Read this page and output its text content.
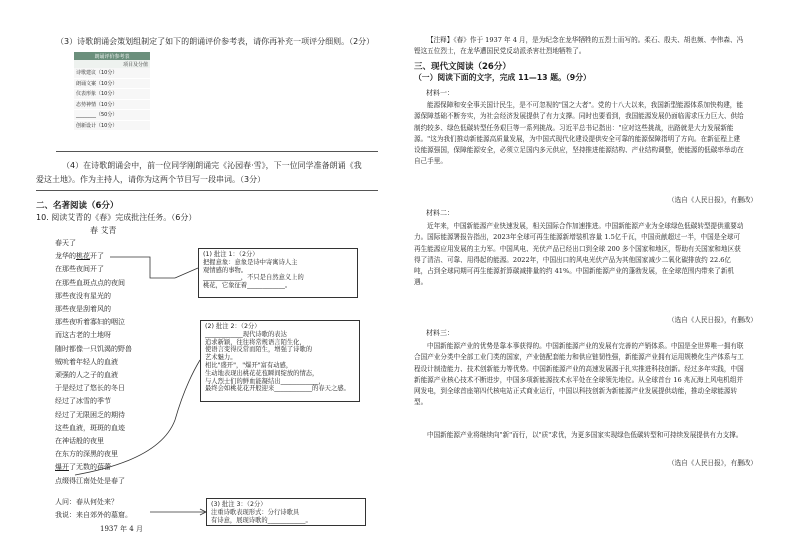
（3）诗歌朗诵会策划组制定了如下的朗诵评价参考表，请你再补充一项评分细则。（2分）
朗诵评价参考表
项目及分值
诗歌建议（10分）
朗诵文案（10分）
仪表形象（10分）
态势神情（10分）
________（50分）
创新设计（10分）
（4）在诗歌朗诵会中，前一位同学刚朗诵完《沁园春·雪》，下一位同学准备朗诵《我
爱这土地》。作为主持人，请你为这两个节目写一段串词。（3分）
二、名著阅读（6分）
10. 阅读艾青的《春》完成批注任务。（6分）
春 艾青
春天了
龙华的桃花开了
在那些夜间开了
在那些血斑点点的夜间
那些夜没有星光的
那些夜是刮着风的
那些夜听着寡妇的咽泣
而这古老的土地呀
随时都像一只饥渴的野兽
贼吮着年轻人的血液
顽强的人之子的血液
于是经过了悠长的冬日
经过了冰雪的季节
经过了无限困乏的期待
这些血液，斑斑的血迹
在神话般的夜里
在东方的深黑的夜里
爆开了无数的蓓蕾
点缀得江南处处是春了
人问：春从何处来？
我说：来自郊外的墓窟。
1937 年 4 月
(1) 批注 1：（2分）
把握意象：意象是诗中寄寓诗人主
观情感的事物。
____________，不只是自然意义上的
桃花，它象征着____________。
(2) 批注 2：（2分）
____________现代诗歌的表达
追求新颖，往往将常规语言陌生化，
使语言变得反常而陌生，增强了诗歌的
艺术魅力。
相比"盛开"，"爆开"富有动感，
生动地表现出桃花花苞瞬间绽放的情态，
与人烈士们的鲜血能凝结出____________，
最终会如桃花花开般迎来____________的春天之感。
(3) 批注 3：（2分）
注重诗歌表现形式：分行诗歌具
有诗意，展现诗歌的____________。
【注释】《春》作于 1937 年 4 月，是为纪念在龙华牺牲的五烈士而写的。柔石、殷夫、胡也频、李伟森、冯铿这五位烈士，在龙华遭国民党反动派杀害壮烈地牺牲了。
三、现代文阅读（26分）
（一）阅读下面的文字，完成 11—13 题。（9分）
材料一：
能源保障和安全事关国计民生，是不可忽视的"国之大者"。党的十八大以来，我国新型能源体系加快构建，能源保障基础不断夯实，为社会经济发展提供了有力支撑。同时也要看到，我国能源发展仍面临需求压力巨大、供给制约较多、绿色低碳转型任务艰巨等一系列挑战。习近平总书记指出："应对这些挑战，出路就是大力发展新能源。"这为我们推动新能源高质量发展，为中国式现代化建设提供安全可靠的能源保障指明了方向。在新征程上建设能源强国，保障能源安全，必须立足国内多元供应，坚持推进能源结构、产业结构调整，使能源的低碳率举动在自己手里。
（选自《人民日报》，有删改）
材料二：
近年来，中国新能源产业快速发展，相关国际合作加速推进。中国新能源产业为全球绿色低碳转型提供重要动力。国际能源署报告指出，2023年全球可再生能源新增装机容量 1.5亿千瓦，中国贡献超过一半，中国是全球可再生能源应用发展的主力军。中国风电、光伏产品已经出口到全球 200 多个国家和地区，帮助有关国家和地区获得了清洁、可靠、用得起的能源。2022年，中国出口的风电光伏产品为其他国家减少二氧化碳排放约 22.6亿吨，占到全球同期可再生能源折算碳减排量的约 41%。中国新能源产业的蓬勃发展，在全球范围内带来了新机遇。
（选自《人民日报》，有删改）
材料三：
中国新能源产业的优势是靠本事获得的。中国新能源产业的发展有完善的产销体系。中国是全世界唯一拥有联合国产业分类中全部工业门类的国家，产业链配套能力和供应链韧性强，新能源产业拥有运用规模化生产体系与工程设计制造能力、技术创新能力等优势。中国新能源产业的高速发展源于扎实推进科技创新。经过多年实践，中国新能源产业核心技术不断进步，中国多项新能源技术水平处在全球领先地位。从全球首台 16 兆瓦海上风电机组并网发电，到全球首座第四代核电站正式商业运行，中国以科技创新为新能源产业发展提供动能，推动全球能源转型。
中国新能源产业将继续向"新"而行，以"质"求优，为更多国家实现绿色低碳转型和可持续发展提供有力支撑。
（选自《人民日报》，有删改）
